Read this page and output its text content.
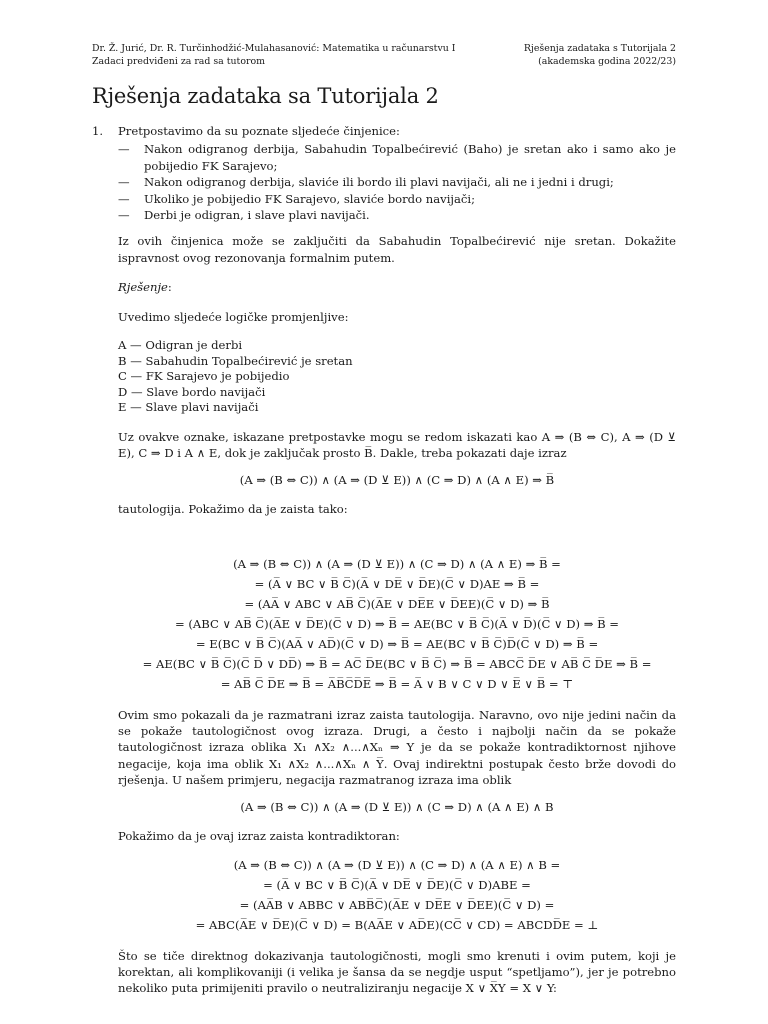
Dr. Ž. Jurić, Dr. R. Turčinhodžić-Mulahasanović: Matematika u računarstvu I
Zadaci predviđeni za rad sa tutorom
Rješenja zadataka s Tutorijala 2
(akademska godina 2022/23)
Rješenja zadataka sa Tutorijala 2
1. Pretpostavimo da su poznate sljedeće činjenice:

— Nakon odigranog derbija, Sabahudin Topalbećirević (Baho) je sretan ako i samo ako je pobijedio FK Sarajevo;
— Nakon odigranog derbija, slaviće ili bordo ili plavi navijači, ali ne i jedni i drugi;
— Ukoliko je pobijedio FK Sarajevo, slaviće bordo navijači;
— Derbi je odigran, i slave plavi navijači.

Iz ovih činjenica može se zaključiti da Sabahudin Topalbećirević nije sretan. Dokažite ispravnost ovog rezonovanja formalnim putem.

Rješenje:

Uvedimo sljedeće logičke promjenljive:

A — Odigran je derbi
B — Sabahudin Topalbećirević je sretan
C — FK Sarajevo je pobijedio
D — Slave bordo navijači
E — Slave plavi navijači

Uz ovakve oznake, iskazane pretpostavke mogu se redom iskazati kao A ⇒ (B ⇔ C), A ⇒ (D ⊻ E), C ⇒ D i A ∧ E, dok je zaključak prosto B̅. Dakle, treba pokazati daje izraz

(A ⇒ (B ⇔ C)) ∧ (A ⇒ (D ⊻ E)) ∧ (C ⇒ D) ∧ (A ∧ E) ⇒ B̅

tautologija. Pokažimo da je zaista tako:

(A ⇒ (B ⇔ C)) ∧ (A ⇒ (D ⊻ E)) ∧ (C ⇒ D) ∧ (A ∧ E) ⇒ B̅ =
= (A̅ ∨ BC ∨ B̅ C̅)(A̅ ∨ DE̅ ∨ D̅E)(C̅ ∨ D)AE ⇒ B̅ =
= (AA̅ ∨ ABC ∨ AB̅ C̅)(A̅E ∨ DE̅E ∨ D̅EE)(C̅ ∨ D) ⇒ B̅
= (ABC ∨ AB̅ C̅)(A̅E ∨ D̅E)(C̅ ∨ D) ⇒ B̅ = AE(BC ∨ B̅ C̅)(A̅ ∨ D̅)(C̅ ∨ D) ⇒ B̅ =
= E(BC ∨ B̅ C̅)(AA̅ ∨ AD̅)(C̅ ∨ D) ⇒ B̅ = AE(BC ∨ B̅ C̅)D̅(C̅ ∨ D) ⇒ B̅ =
= AE(BC ∨ B̅ C̅)(C̅ D̅ ∨ DD̅) ⇒ B̅ = AC̅ D̅E(BC ∨ B̅ C̅) ⇒ B̅ = ABCC̅ D̅E ∨ AB̅ C̅ D̅E ⇒ B̅ =
= AB̅ C̅ D̅E ⇒ B̅ = A̅B̅C̅D̅E̅ ⇒ B̅ = A̅ ∨ B ∨ C ∨ D ∨ E̅ ∨ B̅ = ⊤

Ovim smo pokazali da je razmatrani izraz zaista tautologija. Naravno, ovo nije jedini način da se pokaže tautologičnost ovog izraza. Drugi, a često i najbolji način da se pokaže tautologičnost izraza oblika X₁ ∧X₂ ∧...∧Xₙ ⇒ Y je da se pokaže kontradiktornost njihove negacije, koja ima oblik X₁ ∧X₂ ∧...∧Xₙ ∧ Y̅. Ovaj indirektni postupak često brže dovodi do rješenja. U našem primjeru, negacija razmatranog izraza ima oblik

(A ⇒ (B ⇔ C)) ∧ (A ⇒ (D ⊻ E)) ∧ (C ⇒ D) ∧ (A ∧ E) ∧ B

Pokažimo da je ovaj izraz zaista kontradiktoran:

(A ⇒ (B ⇔ C)) ∧ (A ⇒ (D ⊻ E)) ∧ (C ⇒ D) ∧ (A ∧ E) ∧ B =
= (A̅ ∨ BC ∨ B̅ C̅)(A̅ ∨ DE̅ ∨ D̅E)(C̅ ∨ D)ABE =
= (AA̅B ∨ ABBC ∨ ABB̅C̅)(A̅E ∨ DE̅E ∨ D̅EE)(C̅ ∨ D) =
= ABC(A̅E ∨ D̅E)(C̅ ∨ D) = B(AA̅E ∨ AD̅E)(CC̅ ∨ CD) = ABCDD̅E = ⊥

Što se tiče direktnog dokazivanja tautologičnosti, mogli smo krenuti i ovim putem, koji je korektan, ali komplikovaniji (i velika je šansa da se negdje usput “spetljamo”), jer je potrebno nekoliko puta primijeniti pravilo o neutraliziranju negacije X ∨ X̅Y = X ∨ Y:
